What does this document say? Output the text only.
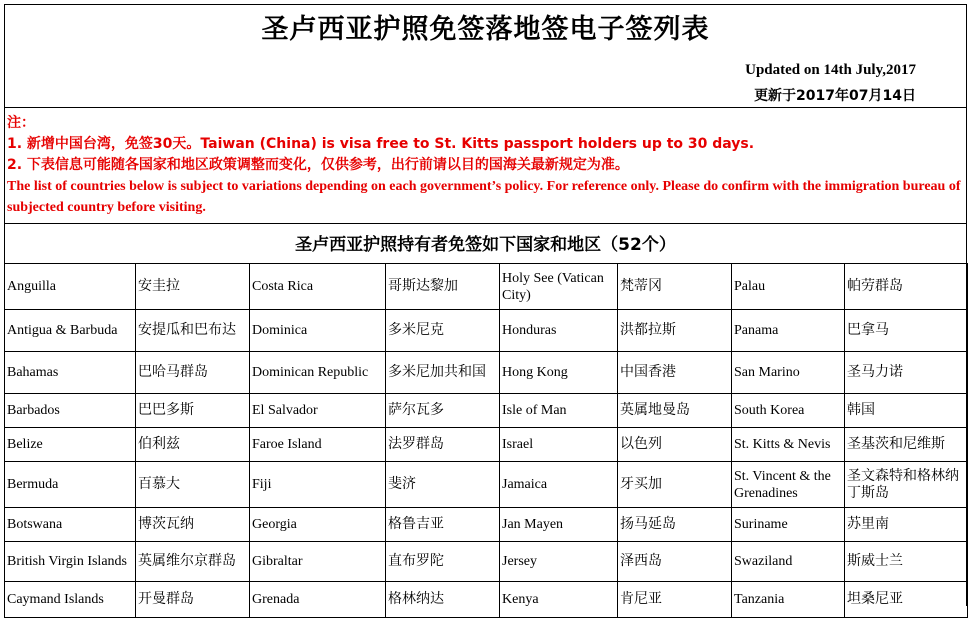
圣卢西亚护照免签落地签电子签列表
Updated on 14th July,2017
更新于2017年07月14日
注：
1. 新增中国台湾，免签30天。Taiwan (China) is visa free to St. Kitts passport holders up to 30 days.
2. 下表信息可能随各国家和地区政策调整而变化，仅供参考，出行前请以目的国海关最新规定为准。
The list of countries below is subject to variations depending on each government’s policy. For reference only. Please do confirm with the immigration bureau of subjected country before visiting.
圣卢西亚护照持有者免签如下国家和地区（52个）
Anguilla	安圭拉	Costa Rica	哥斯达黎加	Holy See (Vatican City)	梵蒂冈	Palau	帕劳群岛
Antigua & Barbuda	安提瓜和巴布达	Dominica	多米尼克	Honduras	洪都拉斯	Panama	巴拿马
Bahamas	巴哈马群岛	Dominican Republic	多米尼加共和国	Hong Kong	中国香港	San Marino	圣马力诺
Barbados	巴巴多斯	El Salvador	萨尔瓦多	Isle of Man	英属地曼岛	South Korea	韩国
Belize	伯利兹	Faroe Island	法罗群岛	Israel	以色列	St. Kitts & Nevis	圣基茨和尼维斯
Bermuda	百慕大	Fiji	斐济	Jamaica	牙买加	St. Vincent & the Grenadines	圣文森特和格林纳丁斯岛
Botswana	博茨瓦纳	Georgia	格鲁吉亚	Jan Mayen	扬马延岛	Suriname	苏里南
British Virgin Islands	英属维尔京群岛	Gibraltar	直布罗陀	Jersey	泽西岛	Swaziland	斯威士兰
Caymand Islands	开曼群岛	Grenada	格林纳达	Kenya	肯尼亚	Tanzania	坦桑尼亚
